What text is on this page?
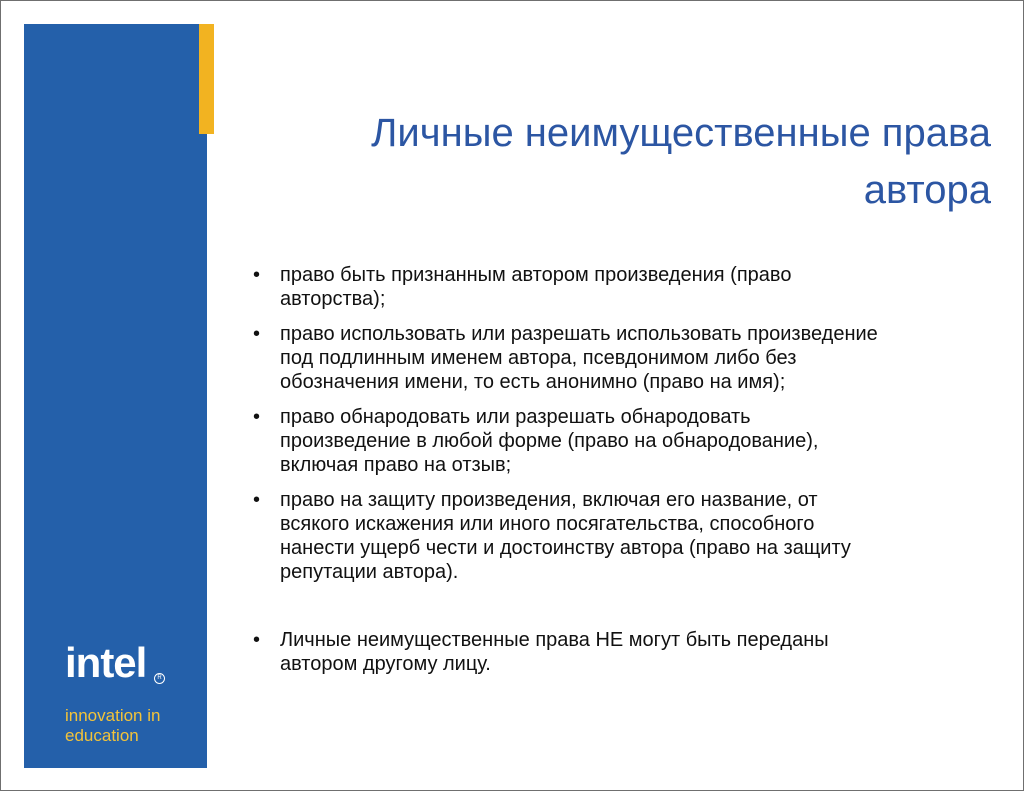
intel	R
innovation in
education
Личные неимущественные права
автора
• право быть признанным автором произведения (право
авторства);
• право использовать или разрешать использовать произведение
под подлинным именем автора, псевдонимом либо без
обозначения имени, то есть анонимно (право на имя);
• право обнародовать или разрешать обнародовать
произведение в любой форме (право на обнародование),
включая право на отзыв;
• право на защиту произведения, включая его название, от
всякого искажения или иного посягательства, способного
нанести ущерб чести и достоинству автора (право на защиту
репутации автора).
• Личные неимущественные права НЕ могут быть переданы
автором другому лицу.
